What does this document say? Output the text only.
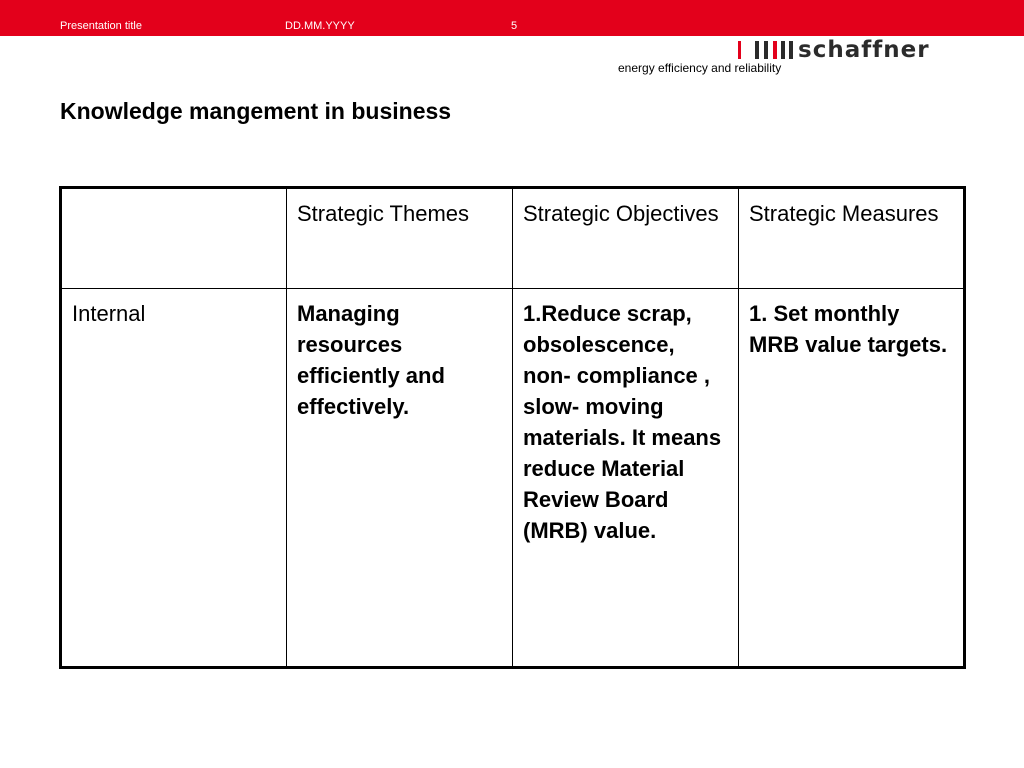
Presentation title	DD.MM.YYYY	5
schaffner
energy efficiency and reliability
Knowledge mangement in business
	Strategic Themes	Strategic Objectives	Strategic Measures
Internal	Managing resources efficiently and effectively.	1.Reduce scrap, obsolescence, non- compliance , slow- moving materials. It means reduce Material Review Board (MRB) value.	1. Set monthly MRB value targets.
